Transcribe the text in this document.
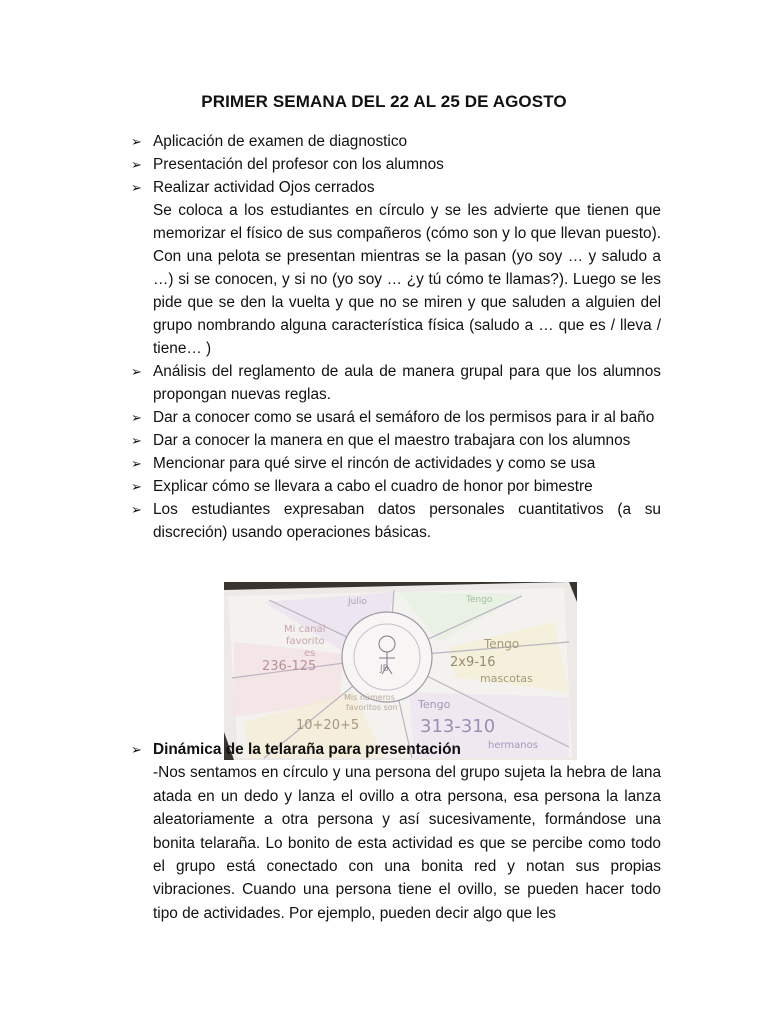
PRIMER SEMANA DEL 22 AL 25 DE AGOSTO
➢ Aplicación de examen de diagnostico

➢ Presentación del profesor con los alumnos

➢ Realizar actividad Ojos cerrados

Se coloca a los estudiantes en círculo y se les advierte que tienen que memorizar el físico de sus compañeros (cómo son y lo que llevan puesto). Con una pelota se presentan mientras se la pasan (yo soy … y saludo a …) si se conocen, y si no (yo soy … ¿y tú cómo te llamas?). Luego se les pide que se den la vuelta y que no se miren y que saluden a alguien del grupo nombrando alguna característica física (saludo a … que es / lleva / tiene… )

➢ Análisis del reglamento de aula de manera grupal para que los alumnos propongan nuevas reglas.

➢ Dar a conocer como se usará el semáforo de los permisos para ir al baño

➢ Dar a conocer la manera en que el maestro trabajara con los alumnos

➢ Mencionar para qué sirve el rincón de actividades y como se usa

➢ Explicar cómo se llevara a cabo el cuadro de honor por bimestre

➢ Los estudiantes expresaban datos personales cuantitativos (a su discreción) usando operaciones básicas.

JB
Julio	Tengo
Mi canal
favorito
es
236-125
Tengo
2x9-16
mascotas
Mis números
favoritos son
10+20+5
Tengo
313-310
hermanos
➢ Dinámica de la telaraña para presentación

-Nos sentamos en círculo y una persona del grupo sujeta la hebra de lana atada en un dedo y lanza el ovillo a otra persona, esa persona la lanza aleatoriamente a otra persona y así sucesivamente, formándose una bonita telaraña. Lo bonito de esta actividad es que se percibe como todo el grupo está conectado con una bonita red y notan sus propias vibraciones. Cuando una persona tiene el ovillo, se pueden hacer todo tipo de actividades. Por ejemplo, pueden decir algo que les
